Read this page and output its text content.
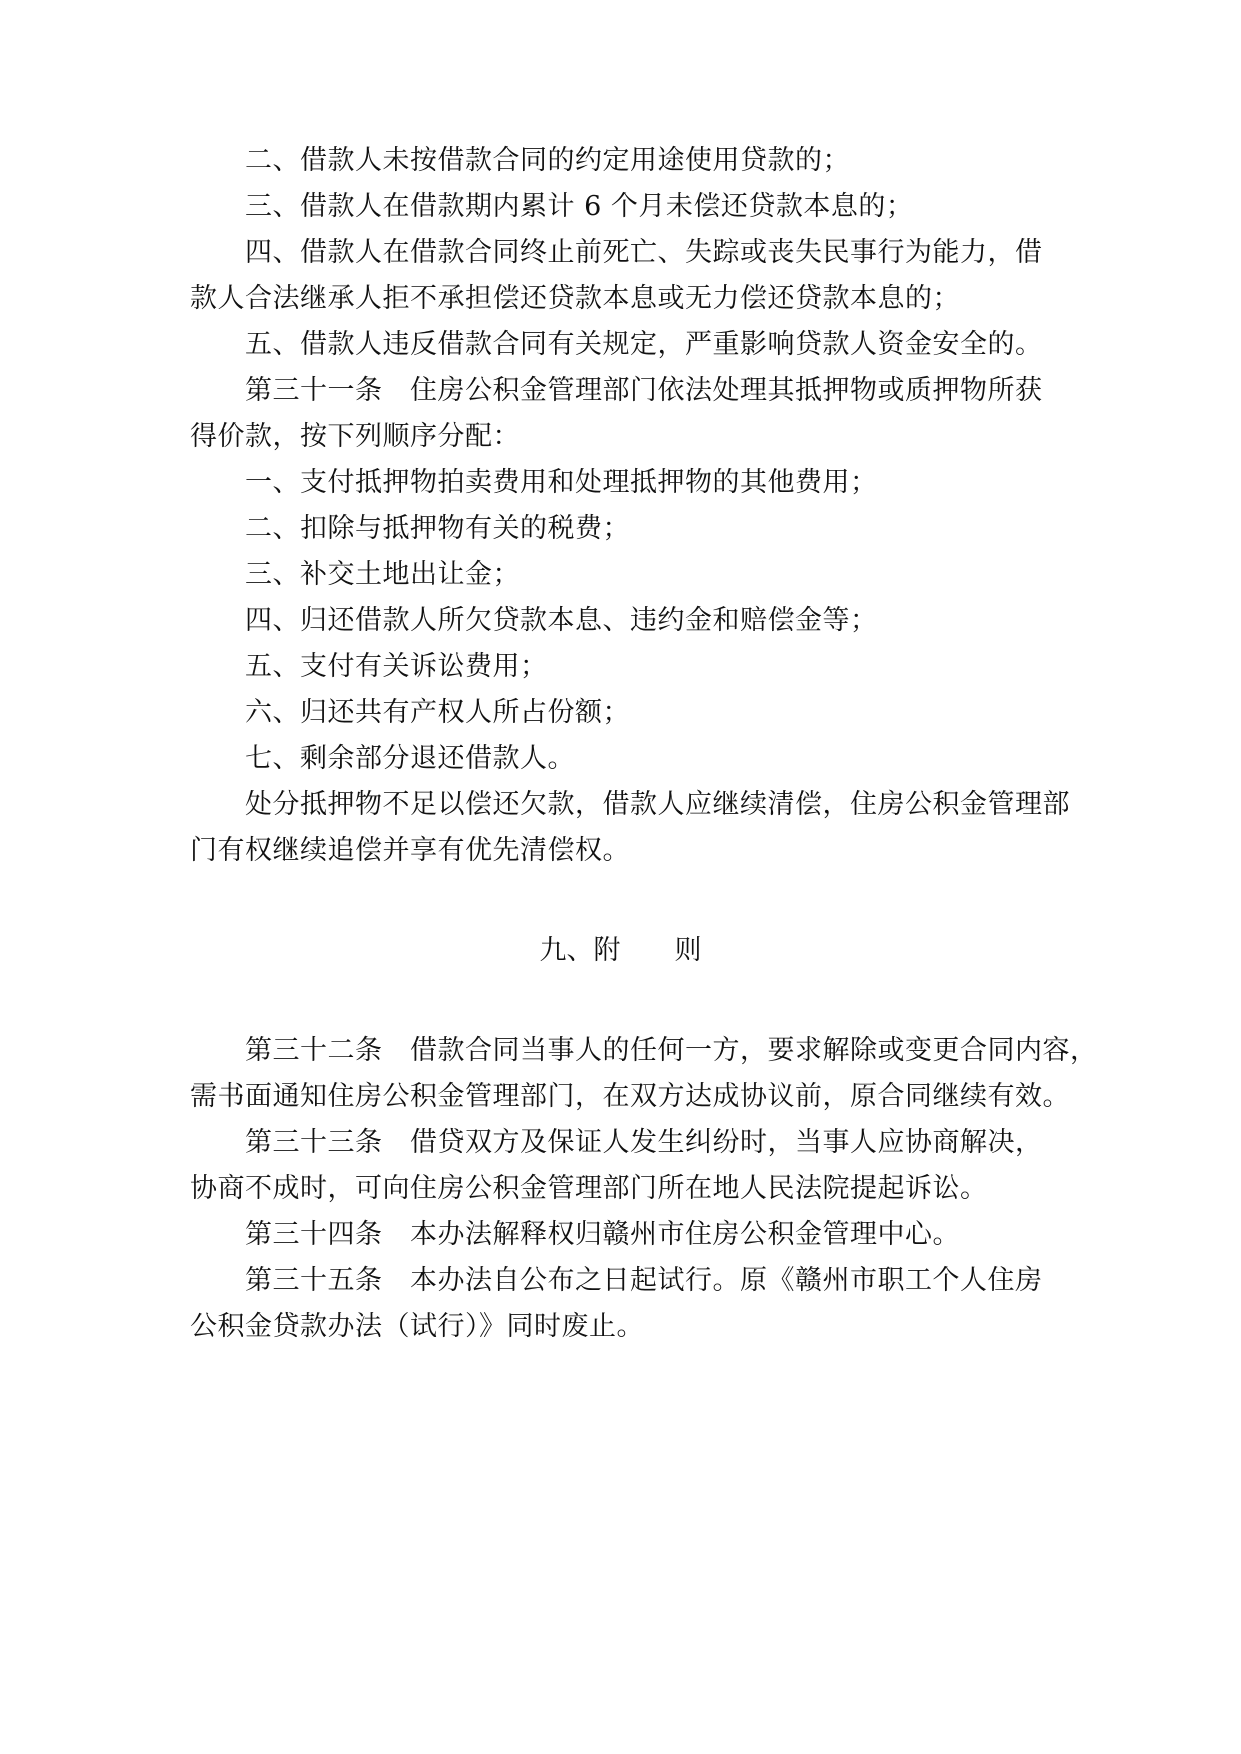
二、借款人未按借款合同的约定用途使用贷款的；
三、借款人在借款期内累计 6 个月未偿还贷款本息的；
四、借款人在借款合同终止前死亡、失踪或丧失民事行为能力，借
款人合法继承人拒不承担偿还贷款本息或无力偿还贷款本息的；
五、借款人违反借款合同有关规定，严重影响贷款人资金安全的。
第三十一条　住房公积金管理部门依法处理其抵押物或质押物所获
得价款，按下列顺序分配：
一、支付抵押物拍卖费用和处理抵押物的其他费用；
二、扣除与抵押物有关的税费；
三、补交土地出让金；
四、归还借款人所欠贷款本息、违约金和赔偿金等；
五、支付有关诉讼费用；
六、归还共有产权人所占份额；
七、剩余部分退还借款人。
处分抵押物不足以偿还欠款，借款人应继续清偿，住房公积金管理部
门有权继续追偿并享有优先清偿权。
九、附　　则
第三十二条　借款合同当事人的任何一方，要求解除或变更合同内容，
需书面通知住房公积金管理部门，在双方达成协议前，原合同继续有效。
第三十三条　借贷双方及保证人发生纠纷时，当事人应协商解决，
协商不成时，可向住房公积金管理部门所在地人民法院提起诉讼。
第三十四条　本办法解释权归赣州市住房公积金管理中心。
第三十五条　本办法自公布之日起试行。原《赣州市职工个人住房
公积金贷款办法（试行）》同时废止。
